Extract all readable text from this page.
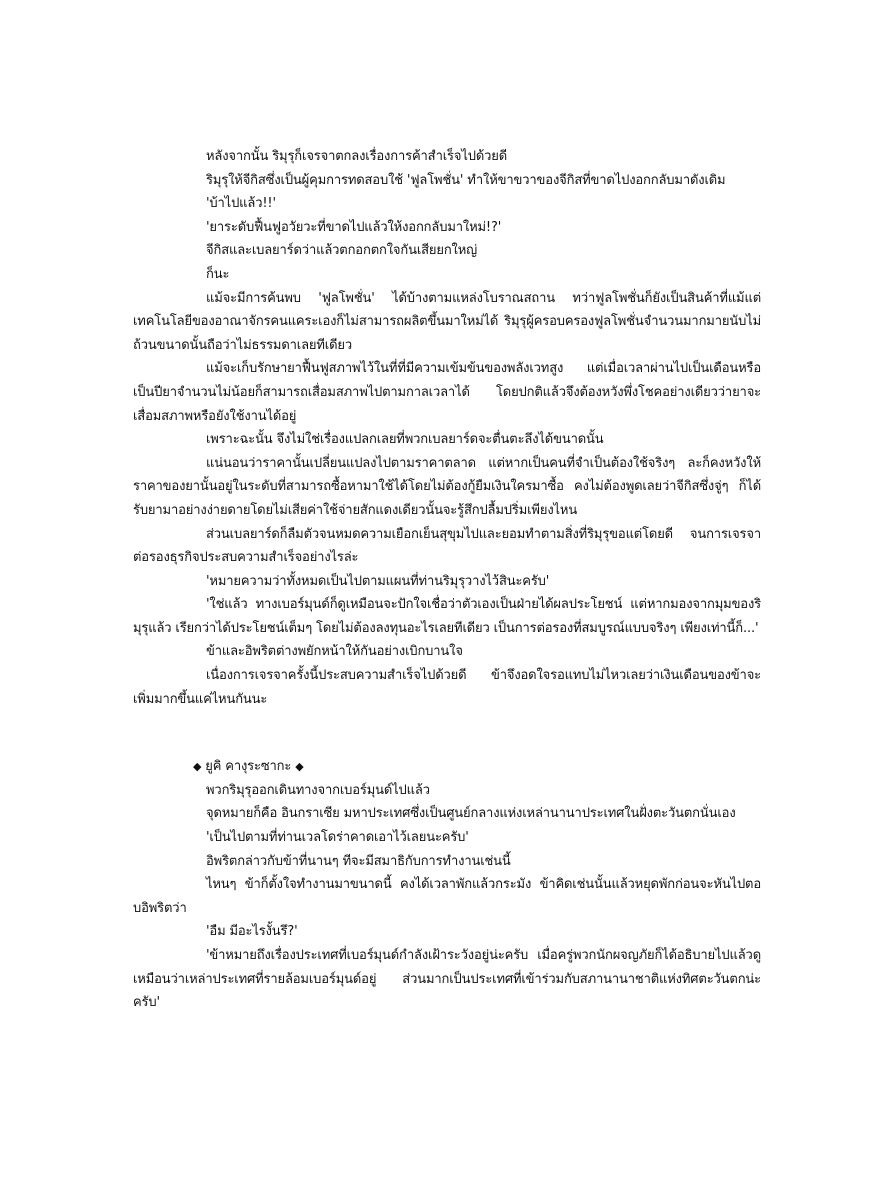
หลังจากนั้น ริมุรุก็เจรจาตกลงเรื่องการค้าสำเร็จไปด้วยดี

ริมุรุให้จีกิสซึ่งเป็นผู้คุมการทดสอบใช้ 'ฟูลโพชั่น' ทำให้ขาขวาของจีกิสที่ขาดไปงอกกลับมาดังเดิม

'บ้าไปแล้ว!!'

'ยาระดับฟื้นฟูอวัยวะที่ขาดไปแล้วให้งอกกลับมาใหม่!?'

จีกิสและเบลยาร์ดว่าแล้วตกอกตกใจกันเสียยกใหญ่

ก็นะ

แม้จะมีการค้นพบ 'ฟูลโพชั่น' ได้บ้างตามแหล่งโบราณสถาน ทว่าฟูลโพชั่นก็ยังเป็นสินค้าที่แม้แต่เทคโนโลยีของอาณาจักรคนแคระเองก็ไม่สามารถผลิตขึ้นมาใหม่ได้ ริมุรุผู้ครอบครองฟูลโพชั่นจำนวนมากมายนับไม่ถ้วนขนาดนั้นถือว่าไม่ธรรมดาเลยทีเดียว

แม้จะเก็บรักษายาฟื้นฟูสภาพไว้ในที่ที่มีความเข้มข้นของพลังเวทสูง แต่เมื่อเวลาผ่านไปเป็นเดือนหรือเป็นปียาจำนวนไม่น้อยก็สามารถเสื่อมสภาพไปตามกาลเวลาได้ โดยปกติแล้วจึงต้องหวังพึ่งโชคอย่างเดียวว่ายาจะเสื่อมสภาพหรือยังใช้งานได้อยู่

เพราะฉะนั้น จึงไม่ใช่เรื่องแปลกเลยที่พวกเบลยาร์ดจะตื่นตะลึงได้ขนาดนั้น

แน่นอนว่าราคานั้นเปลี่ยนแปลงไปตามราคาตลาด แต่หากเป็นคนที่จำเป็นต้องใช้จริงๆ ละก็คงหวังให้ราคาของยานั้นอยู่ในระดับที่สามารถซื้อหามาใช้ได้โดยไม่ต้องกู้ยืมเงินใครมาซื้อ คงไม่ต้องพูดเลยว่าจีกิสซึ่งจู่ๆ ก็ได้รับยามาอย่างง่ายดายโดยไม่เสียค่าใช้จ่ายสักแดงเดียวนั้นจะรู้สึกปลื้มปริ่มเพียงไหน

ส่วนเบลยาร์ดก็ลืมตัวจนหมดความเยือกเย็นสุขุมไปและยอมทำตามสิ่งที่ริมุรุขอแต่โดยดี จนการเจรจาต่อรองธุรกิจประสบความสำเร็จอย่างไรล่ะ

'หมายความว่าทั้งหมดเป็นไปตามแผนที่ท่านริมุรุวางไว้สินะครับ'

'ใช่แล้ว ทางเบอร์มุนด์ก็ดูเหมือนจะปักใจเชื่อว่าตัวเองเป็นฝ่ายได้ผลประโยชน์ แต่หากมองจากมุมของริมุรุแล้ว เรียกว่าได้ประโยชน์เต็มๆ โดยไม่ต้องลงทุนอะไรเลยทีเดียว เป็นการต่อรองที่สมบูรณ์แบบจริงๆ เพียงเท่านี้ก็...'

ข้าและอิพริตต่างพยักหน้าให้กันอย่างเบิกบานใจ

เนื่องการเจรจาครั้งนี้ประสบความสำเร็จไปด้วยดี ข้าจึงอดใจรอแทบไม่ไหวเลยว่าเงินเดือนของข้าจะเพิ่มมากขึ้นแค่ไหนกันนะ

◆ ยูคิ คางุระซากะ ◆

พวกริมุรุออกเดินทางจากเบอร์มุนด์ไปแล้ว

จุดหมายก็คือ อินกราเซีย มหาประเทศซึ่งเป็นศูนย์กลางแห่งเหล่านานาประเทศในฝั่งตะวันตกนั่นเอง

'เป็นไปตามที่ท่านเวลโดร่าคาดเอาไว้เลยนะครับ'

อิพริตกล่าวกับข้าที่นานๆ ทีจะมีสมาธิกับการทำงานเช่นนี้

ไหนๆ ข้าก็ตั้งใจทำงานมาขนาดนี้ คงได้เวลาพักแล้วกระมัง ข้าคิดเช่นนั้นแล้วหยุดพักก่อนจะหันไปตอบอิพริตว่า

'อืม มีอะไรงั้นรึ?'

'ข้าหมายถึงเรื่องประเทศที่เบอร์มุนด์กำลังเฝ้าระวังอยู่น่ะครับ เมื่อครู่พวกนักผจญภัยก็ได้อธิบายไปแล้วดูเหมือนว่าเหล่าประเทศที่รายล้อมเบอร์มุนด์อยู่ ส่วนมากเป็นประเทศที่เข้าร่วมกับสภานานาชาติแห่งทิศตะวันตกน่ะครับ'
